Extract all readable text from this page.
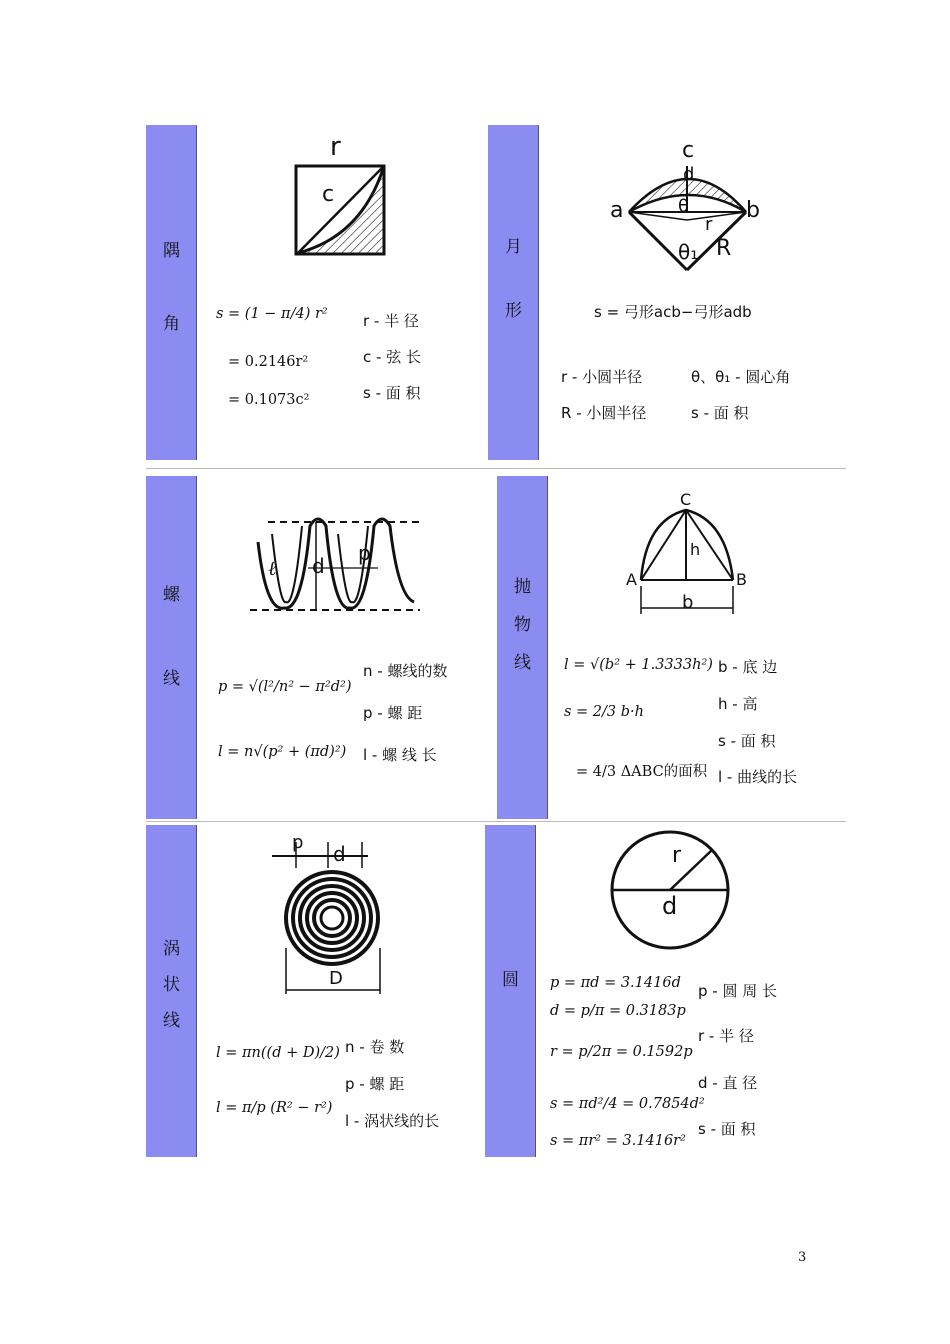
隅
角
月
形
螺
线
抛
物
线
涡
状
线
圆
r
c
s = (1 − π/4) r²
= 0.2146r²
= 0.1073c²
r - 半 径
c - 弦 长
s - 面 积
c
d
a	b
θ
r
θ₁ R
s = 弓形acb−弓形adb
r - 小圆半径	θ、θ₁ - 圆心角
R - 小圆半径	s - 面 积
ℓ d
p
p = √(l²/n² − π²d²)
l = n√(p² + (πd)²)
n - 螺线的数
p - 螺 距
l - 螺 线 长
C
h
A	B
b
l = √(b² + 1.3333h²)
s = 2/3 b·h
= 4/3 ΔABC的面积
b - 底 边
h - 高
s - 面 积
l - 曲线的长
p d
D
l = πn((d + D)/2)
l = π/p (R² − r²)
n - 卷 数
p - 螺 距
l - 涡状线的长
r
d
p = πd = 3.1416d
d = p/π = 0.3183p
r = p/2π = 0.1592p
s = πd²/4 = 0.7854d²
s = πr² = 3.1416r²
p - 圆 周 长
r - 半 径
d - 直 径
s - 面 积
3
